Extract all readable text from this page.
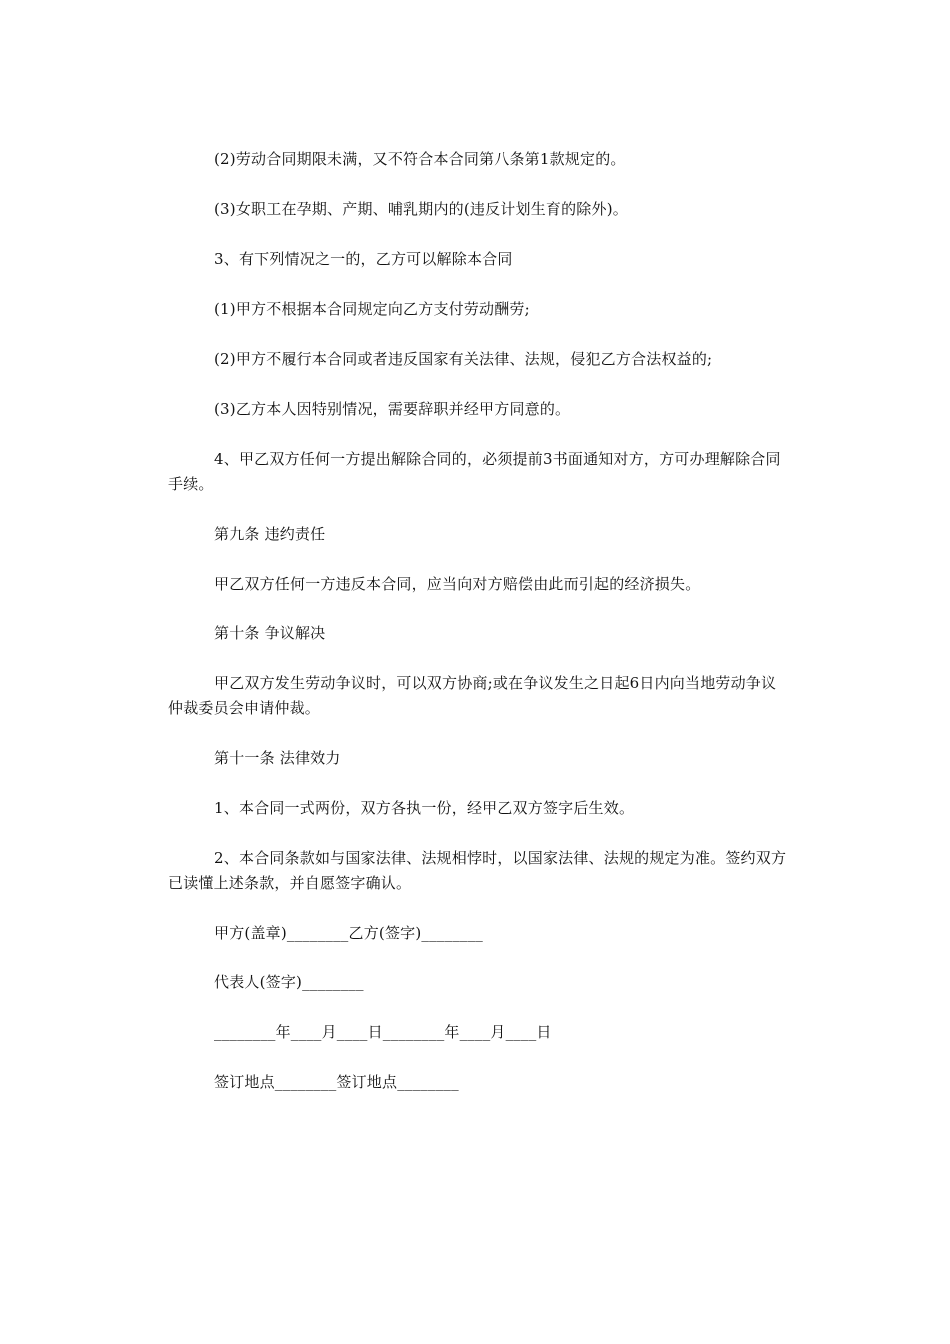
(2)劳动合同期限未满，又不符合本合同第八条第1款规定的。

(3)女职工在孕期、产期、哺乳期内的(违反计划生育的除外)。

3、有下列情况之一的，乙方可以解除本合同

(1)甲方不根据本合同规定向乙方支付劳动酬劳;

(2)甲方不履行本合同或者违反国家有关法律、法规，侵犯乙方合法权益的;

(3)乙方本人因特别情况，需要辞职并经甲方同意的。

4、甲乙双方任何一方提出解除合同的，必须提前3书面通知对方，方可办理解除合同手续。

第九条 违约责任

甲乙双方任何一方违反本合同，应当向对方赔偿由此而引起的经济损失。

第十条 争议解决

甲乙双方发生劳动争议时，可以双方协商;或在争议发生之日起6日内向当地劳动争议仲裁委员会申请仲裁。

第十一条 法律效力

1、本合同一式两份，双方各执一份，经甲乙双方签字后生效。

2、本合同条款如与国家法律、法规相悖时，以国家法律、法规的规定为准。签约双方已读懂上述条款，并自愿签字确认。

甲方(盖章)________乙方(签字)________

代表人(签字)________

________年____月____日________年____月____日

签订地点________签订地点________
